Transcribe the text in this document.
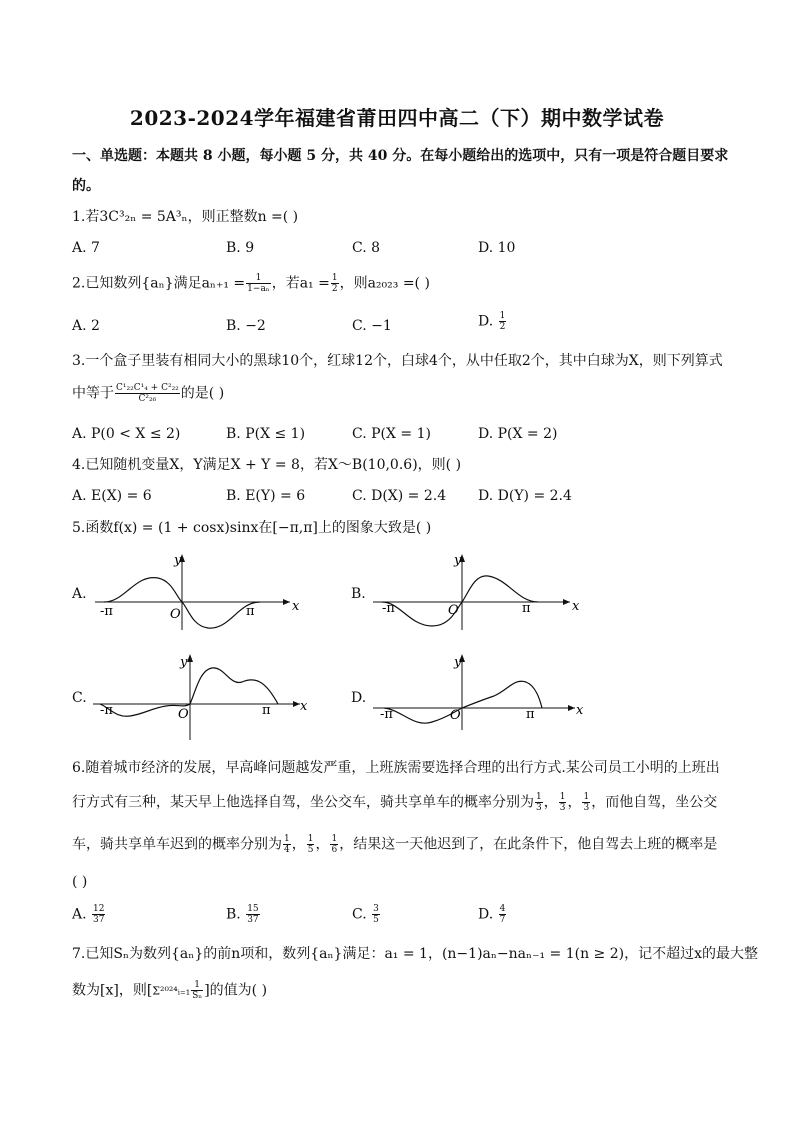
2023-2024学年福建省莆田四中高二（下）期中数学试卷
一、单选题：本题共 8 小题，每小题 5 分，共 40 分。在每小题给出的选项中，只有一项是符合题目要求
的。
1.若3C³₂ₙ = 5A³ₙ，则正整数n =( )
A. 7	B. 9	C. 8	D. 10
2.已知数列{aₙ}满足$a_{n+1} = \frac{1}{\text{1−aₙ}}$ ，若$a_1 = \frac{1}{2}$ ，则a₂₀₂₃ =( )
A. 2	B. −2	C. −1	D. $\frac{1}{2}$
3.一个盒子里装有相同大小的黑球10个，红球12个，白球4个，从中任取2个，其中白球为X，则下列算式
中等于 $\frac{\text{C¹₂₂C¹₄ + C²₂₂}}{\text{C²₂₆}}$ 的是( )
A. P(0 < X ≤ 2)	B. P(X ≤ 1)	C. P(X = 1)	D. P(X = 2)
4.已知随机变量X，Y满足X + Y = 8，若X～B(10,0.6)，则( )
A. E(X) = 6	B. E(Y) = 6	C. D(X) = 2.4 D. D(Y) = 2.4
5.函数f(x) = (1 + cosx)sinx在[−π,π]上的图象大致是( )
A.
y
x
O
-π	π
B.
y
x
O
-π	π
C.
y
x
O
-π	π
D.
y
x
O
-π	π
6.随着城市经济的发展，早高峰问题越发严重，上班族需要选择合理的出行方式.某公司员工小明的上班出
行方式有三种，某天早上他选择自驾，坐公交车，骑共享单车的概率分别为 $\frac{1}{3}$ ， $\frac{1}{3}$ ， $\frac{1}{3}$ ，而他自驾，坐公交
车，骑共享单车迟到的概率分别为 $\frac{1}{4}$ ， $\frac{1}{5}$ ， $\frac{1}{6}$ ，结果这一天他迟到了，在此条件下，他自驾去上班的概率是
( )
A. $\frac{12}{37}$	B. $\frac{15}{37}$	C. $\frac{3}{5}$	D. $\frac{4}{7}$
7.已知Sₙ为数列{aₙ}的前n项和，数列{aₙ}满足：a₁ = 1，(n−1)aₙ−naₙ₋₁ = 1(n ≥ 2)，记不超过x的最大整
数为[x]，则[Σ²⁰²⁴ᵢ₌₁ $\frac{1}{\text{Sₙ}}$ ]的值为( )
